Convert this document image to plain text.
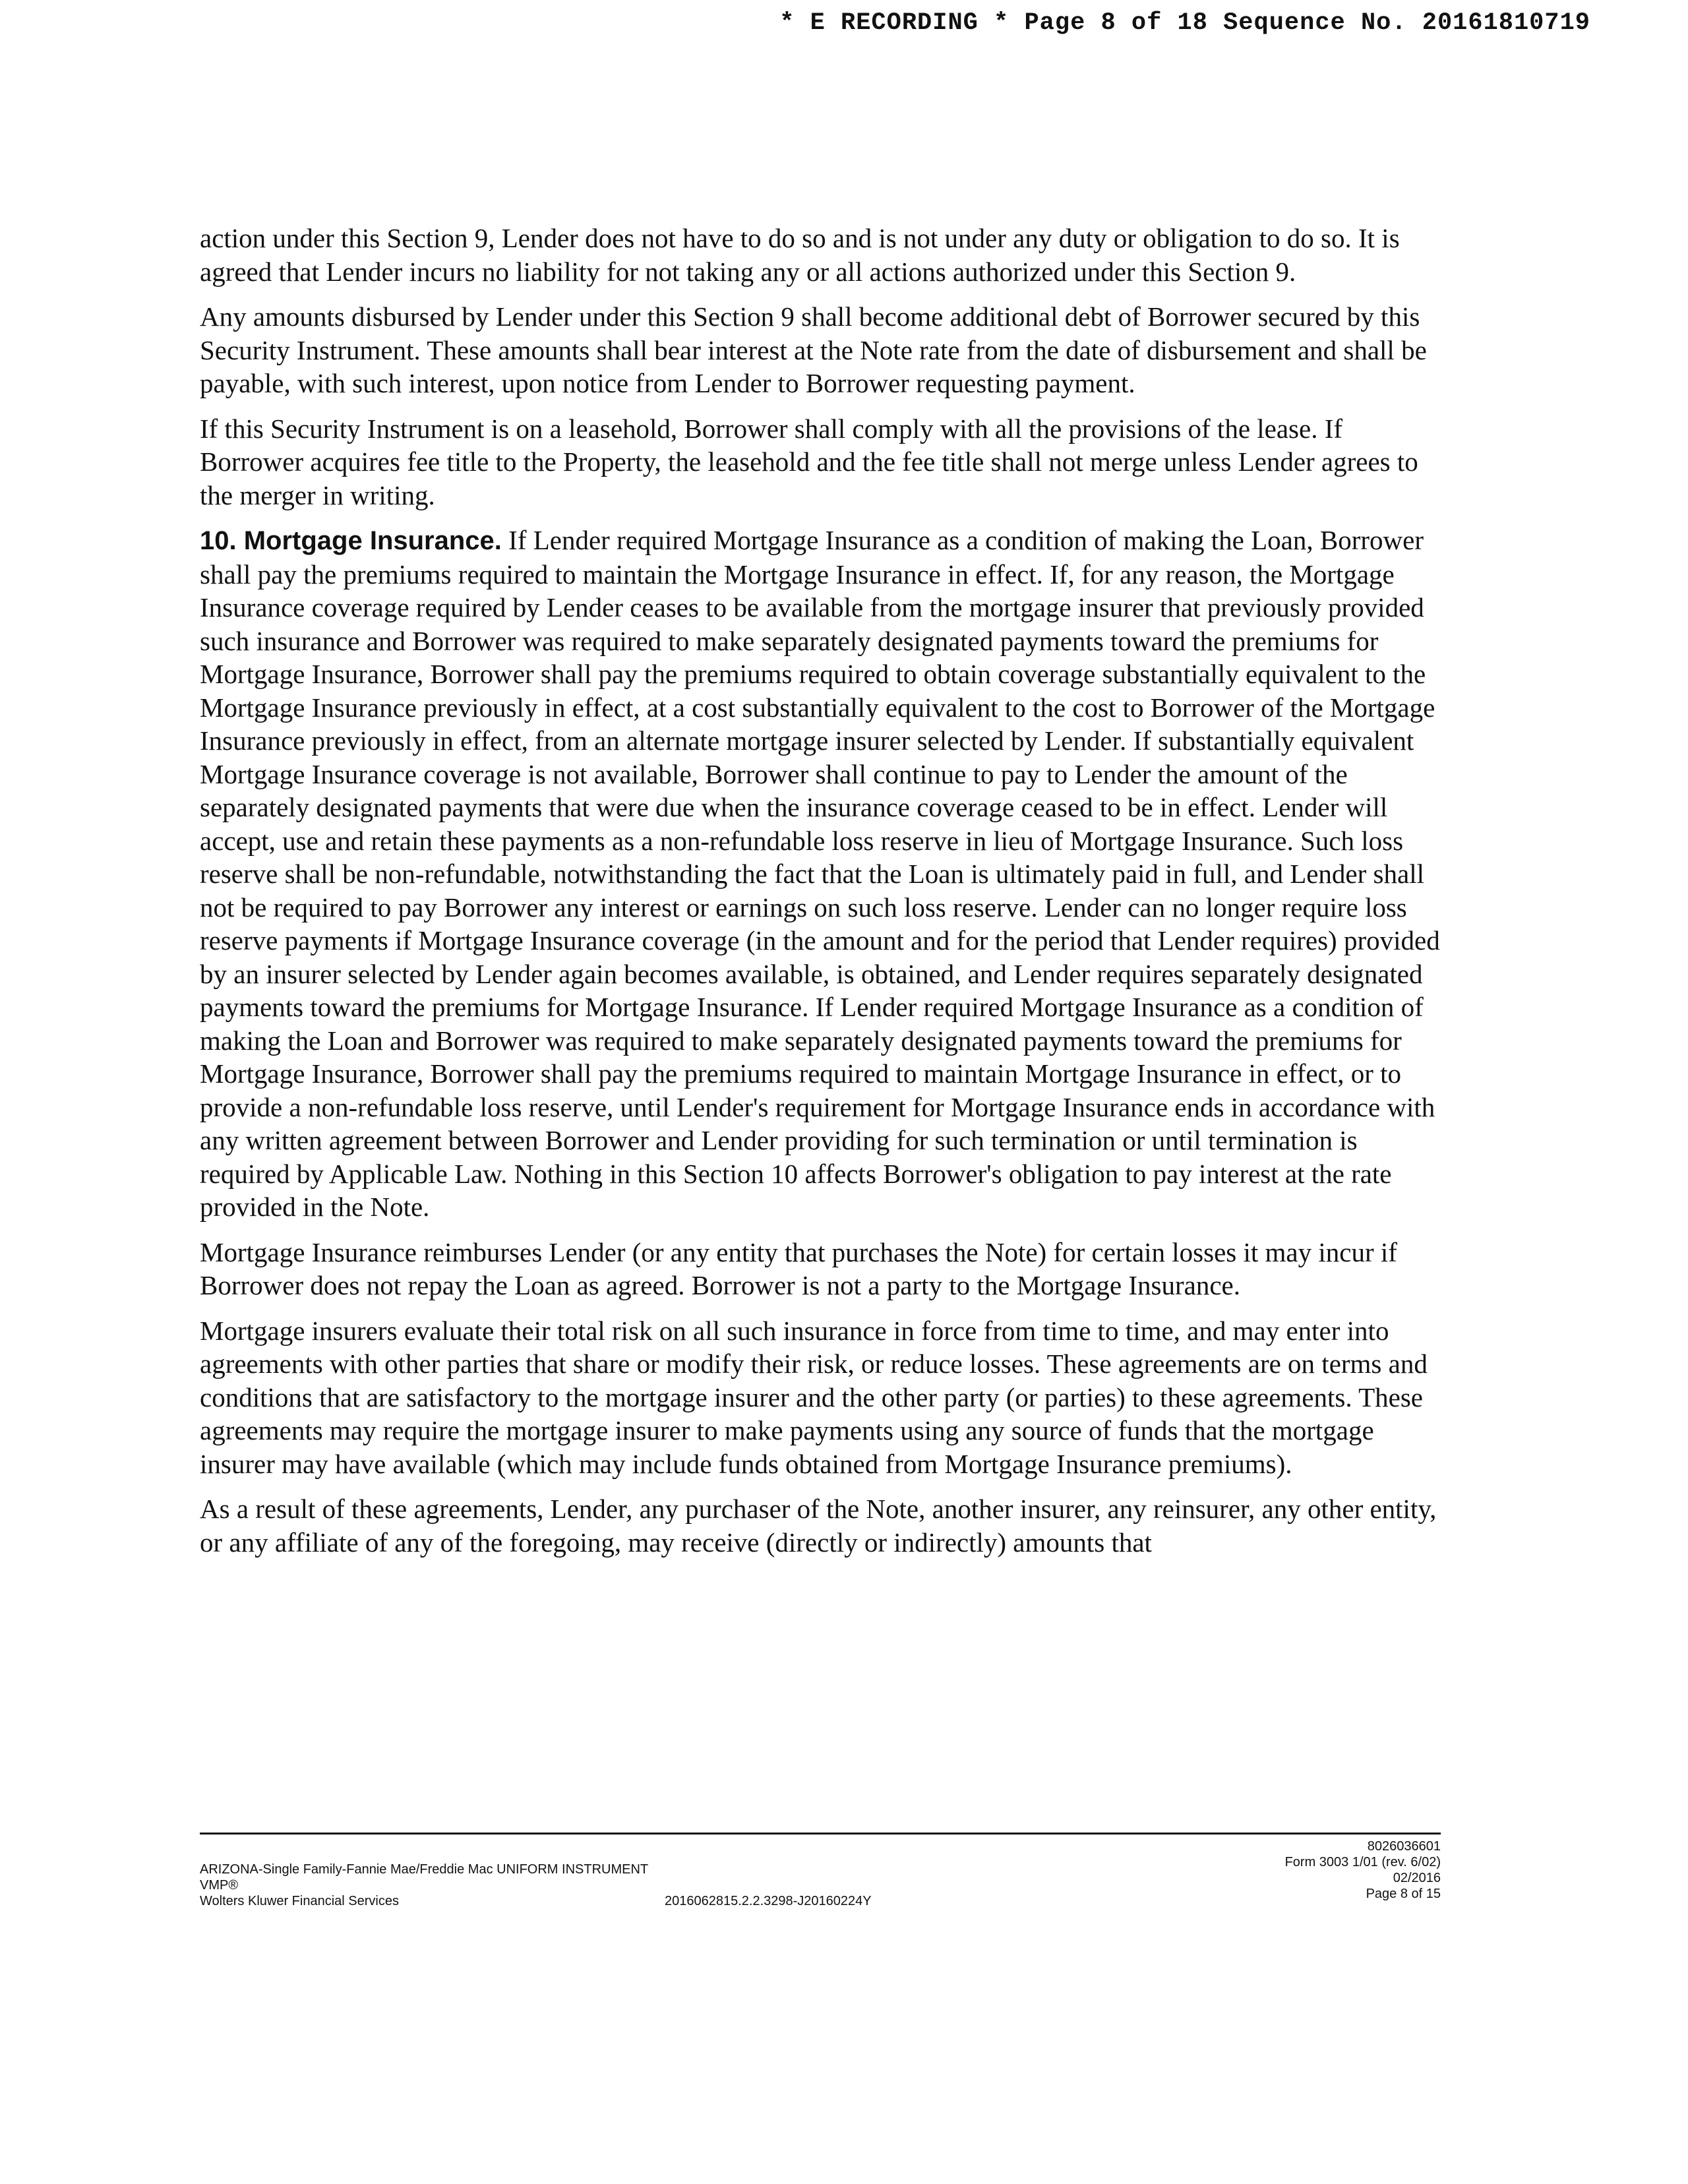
* E RECORDING * Page 8 of 18 Sequence No. 20161810719

action under this Section 9, Lender does not have to do so and is not under any duty or obligation to do so. It is agreed that Lender incurs no liability for not taking any or all actions authorized under this Section 9.

Any amounts disbursed by Lender under this Section 9 shall become additional debt of Borrower secured by this Security Instrument. These amounts shall bear interest at the Note rate from the date of disbursement and shall be payable, with such interest, upon notice from Lender to Borrower requesting payment.

If this Security Instrument is on a leasehold, Borrower shall comply with all the provisions of the lease. If Borrower acquires fee title to the Property, the leasehold and the fee title shall not merge unless Lender agrees to the merger in writing.

10. Mortgage Insurance. If Lender required Mortgage Insurance as a condition of making the Loan, Borrower shall pay the premiums required to maintain the Mortgage Insurance in effect. If, for any reason, the Mortgage Insurance coverage required by Lender ceases to be available from the mortgage insurer that previously provided such insurance and Borrower was required to make separately designated payments toward the premiums for Mortgage Insurance, Borrower shall pay the premiums required to obtain coverage substantially equivalent to the Mortgage Insurance previously in effect, at a cost substantially equivalent to the cost to Borrower of the Mortgage Insurance previously in effect, from an alternate mortgage insurer selected by Lender. If substantially equivalent Mortgage Insurance coverage is not available, Borrower shall continue to pay to Lender the amount of the separately designated payments that were due when the insurance coverage ceased to be in effect. Lender will accept, use and retain these payments as a non-refundable loss reserve in lieu of Mortgage Insurance. Such loss reserve shall be non-refundable, notwithstanding the fact that the Loan is ultimately paid in full, and Lender shall not be required to pay Borrower any interest or earnings on such loss reserve. Lender can no longer require loss reserve payments if Mortgage Insurance coverage (in the amount and for the period that Lender requires) provided by an insurer selected by Lender again becomes available, is obtained, and Lender requires separately designated payments toward the premiums for Mortgage Insurance. If Lender required Mortgage Insurance as a condition of making the Loan and Borrower was required to make separately designated payments toward the premiums for Mortgage Insurance, Borrower shall pay the premiums required to maintain Mortgage Insurance in effect, or to provide a non-refundable loss reserve, until Lender's requirement for Mortgage Insurance ends in accordance with any written agreement between Borrower and Lender providing for such termination or until termination is required by Applicable Law. Nothing in this Section 10 affects Borrower's obligation to pay interest at the rate provided in the Note.

Mortgage Insurance reimburses Lender (or any entity that purchases the Note) for certain losses it may incur if Borrower does not repay the Loan as agreed. Borrower is not a party to the Mortgage Insurance.

Mortgage insurers evaluate their total risk on all such insurance in force from time to time, and may enter into agreements with other parties that share or modify their risk, or reduce losses. These agreements are on terms and conditions that are satisfactory to the mortgage insurer and the other party (or parties) to these agreements. These agreements may require the mortgage insurer to make payments using any source of funds that the mortgage insurer may have available (which may include funds obtained from Mortgage Insurance premiums).

As a result of these agreements, Lender, any purchaser of the Note, another insurer, any reinsurer, any other entity, or any affiliate of any of the foregoing, may receive (directly or indirectly) amounts that

ARIZONA-Single Family-Fannie Mae/Freddie Mac UNIFORM INSTRUMENT
VMP®
Wolters Kluwer Financial Services	2016062815.2.2.3298-J20160224Y
8026036601
Form 3003 1/01 (rev. 6/02)
02/2016
Page 8 of 15
